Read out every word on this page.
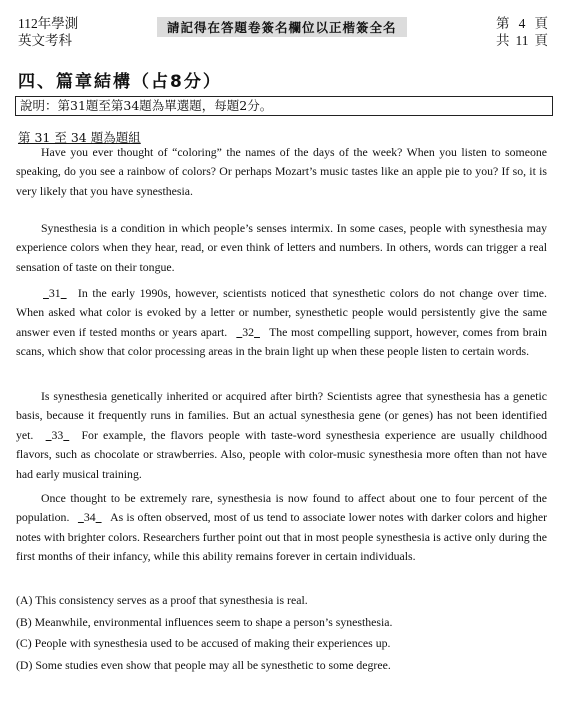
112年學測
英文考科
請記得在答題卷簽名欄位以正楷簽全名	第 4 頁
共 11 頁
四、篇章結構（占8分）
說明：第31題至第34題為單選題，每題2分。
第 31 至 34 題為題組

Have you ever thought of “coloring” the names of the days of the week? When you listen to someone speaking, do you see a rainbow of colors? Or perhaps Mozart’s music tastes like an apple pie to you? If so, it is very likely that you have synesthesia.

Synesthesia is a condition in which people’s senses intermix. In some cases, people with synesthesia may experience colors when they hear, read, or even think of letters and numbers. In others, words can trigger a real sensation of taste on their tongue.

31 In the early 1990s, however, scientists noticed that synesthetic colors do not change over time. When asked what color is evoked by a letter or number, synesthetic people would persistently give the same answer even if tested months or years apart. 32 The most compelling support, however, comes from brain scans, which show that color processing areas in the brain light up when these people listen to certain words.

Is synesthesia genetically inherited or acquired after birth? Scientists agree that synesthesia has a genetic basis, because it frequently runs in families. But an actual synesthesia gene (or genes) has not been identified yet. 33 For example, the flavors people with taste-word synesthesia experience are usually childhood flavors, such as chocolate or strawberries. Also, people with color-music synesthesia more often than not have had early musical training.

Once thought to be extremely rare, synesthesia is now found to affect about one to four percent of the population. 34 As is often observed, most of us tend to associate lower notes with darker colors and higher notes with brighter colors. Researchers further point out that in most people synesthesia is active only during the first months of their infancy, while this ability remains forever in certain individuals.

(A) This consistency serves as a proof that synesthesia is real.
(B) Meanwhile, environmental influences seem to shape a person’s synesthesia.
(C) People with synesthesia used to be accused of making their experiences up.
(D) Some studies even show that people may all be synesthetic to some degree.
